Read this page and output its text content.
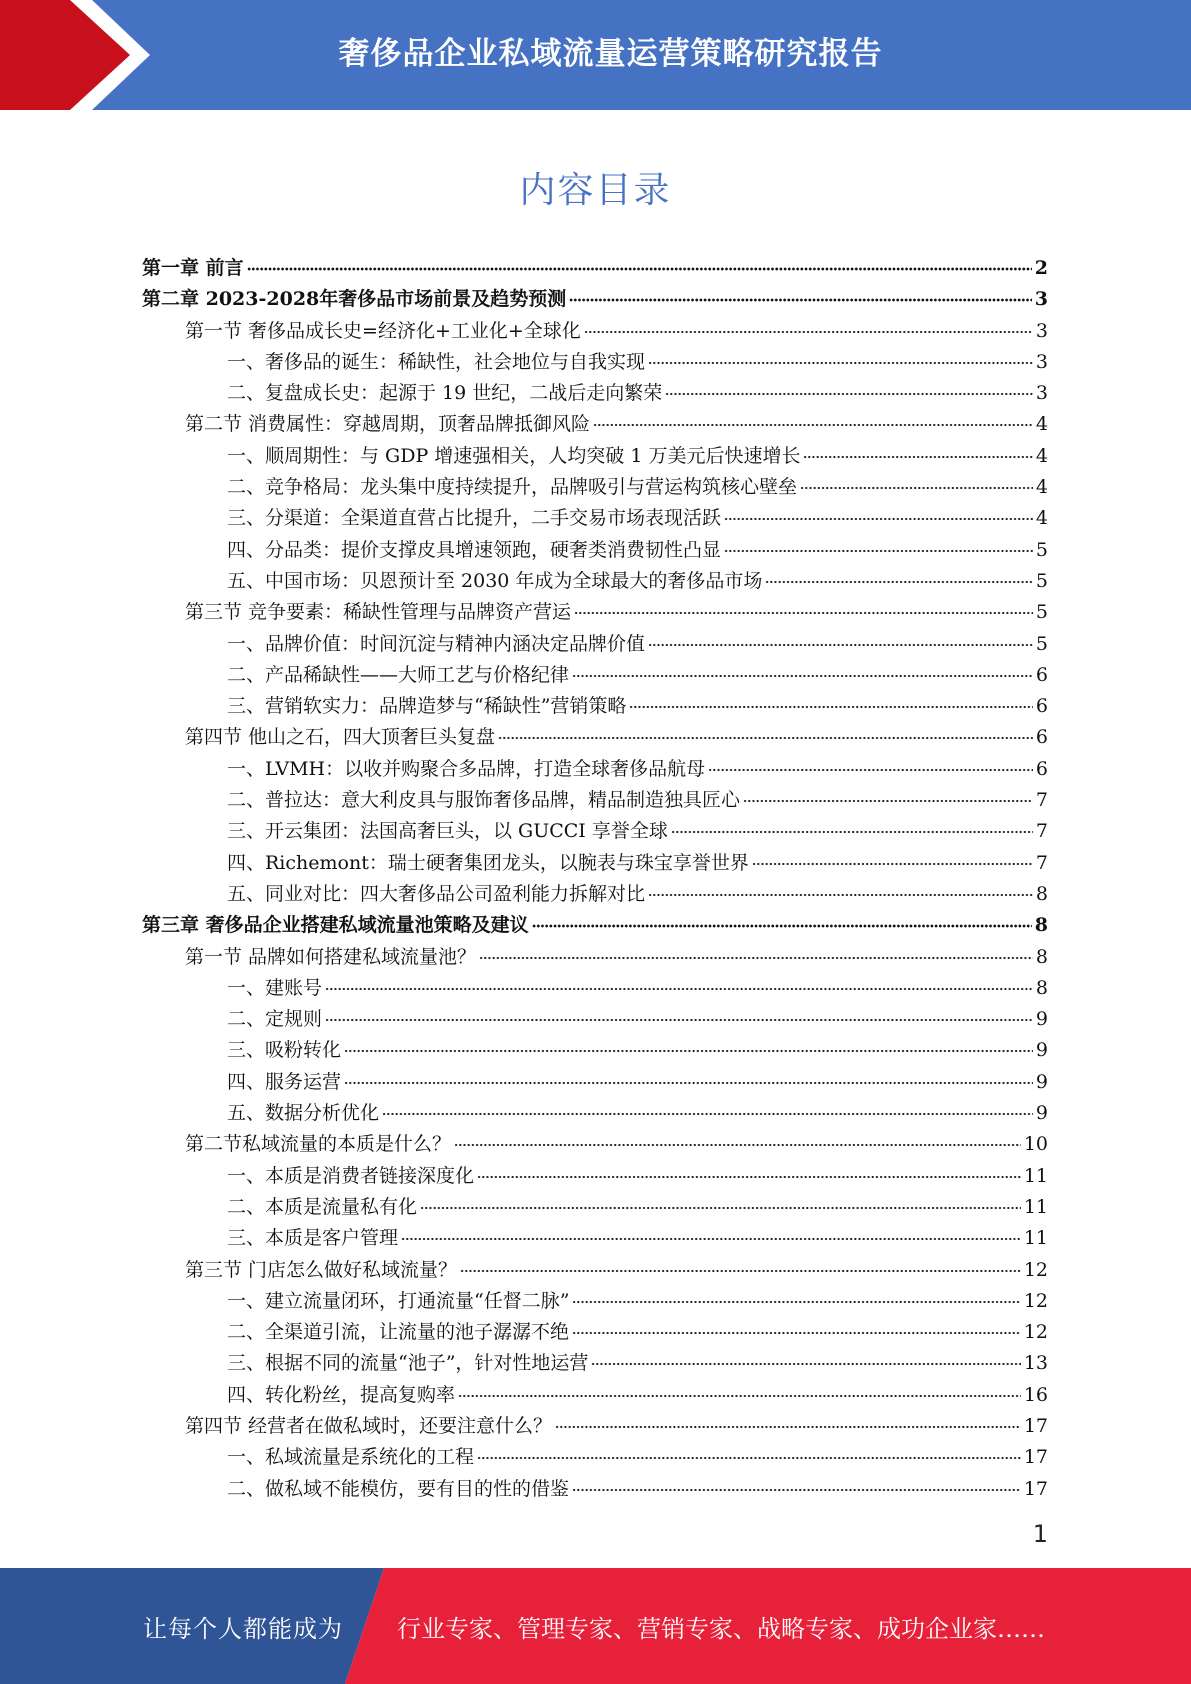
奢侈品企业私域流量运营策略研究报告
内容目录
第一章 前言	2
第二章 2023-2028年奢侈品市场前景及趋势预测	3
第一节 奢侈品成长史=经济化+工业化+全球化	3
一、奢侈品的诞生：稀缺性，社会地位与自我实现	3
二、复盘成长史：起源于 19 世纪，二战后走向繁荣	3
第二节 消费属性：穿越周期，顶奢品牌抵御风险	4
一、顺周期性：与 GDP 增速强相关，人均突破 1 万美元后快速增长	4
二、竞争格局：龙头集中度持续提升，品牌吸引与营运构筑核心壁垒	4
三、分渠道：全渠道直营占比提升，二手交易市场表现活跃	4
四、分品类：提价支撑皮具增速领跑，硬奢类消费韧性凸显	5
五、中国市场：贝恩预计至 2030 年成为全球最大的奢侈品市场	5
第三节 竞争要素：稀缺性管理与品牌资产营运	5
一、品牌价值：时间沉淀与精神内涵决定品牌价值	5
二、产品稀缺性——大师工艺与价格纪律	6
三、营销软实力：品牌造梦与“稀缺性”营销策略	6
第四节 他山之石，四大顶奢巨头复盘	6
一、LVMH：以收并购聚合多品牌，打造全球奢侈品航母	6
二、普拉达：意大利皮具与服饰奢侈品牌，精品制造独具匠心	7
三、开云集团：法国高奢巨头，以 GUCCI 享誉全球	7
四、Richemont：瑞士硬奢集团龙头，以腕表与珠宝享誉世界	7
五、同业对比：四大奢侈品公司盈利能力拆解对比	8
第三章 奢侈品企业搭建私域流量池策略及建议	8
第一节 品牌如何搭建私域流量池？	8
一、建账号	8
二、定规则	9
三、吸粉转化	9
四、服务运营	9
五、数据分析优化	9
第二节私域流量的本质是什么？	10
一、本质是消费者链接深度化	11
二、本质是流量私有化	11
三、本质是客户管理	11
第三节 门店怎么做好私域流量？	12
一、建立流量闭环，打通流量“任督二脉”	12
二、全渠道引流，让流量的池子潺潺不绝	12
三、根据不同的流量“池子”，针对性地运营	13
四、转化粉丝，提高复购率	16
第四节 经营者在做私域时，还要注意什么？	17
一、私域流量是系统化的工程	17
二、做私域不能模仿，要有目的性的借鉴	17
1
让每个人都能成为 行业专家、管理专家、营销专家、战略专家、成功企业家……
